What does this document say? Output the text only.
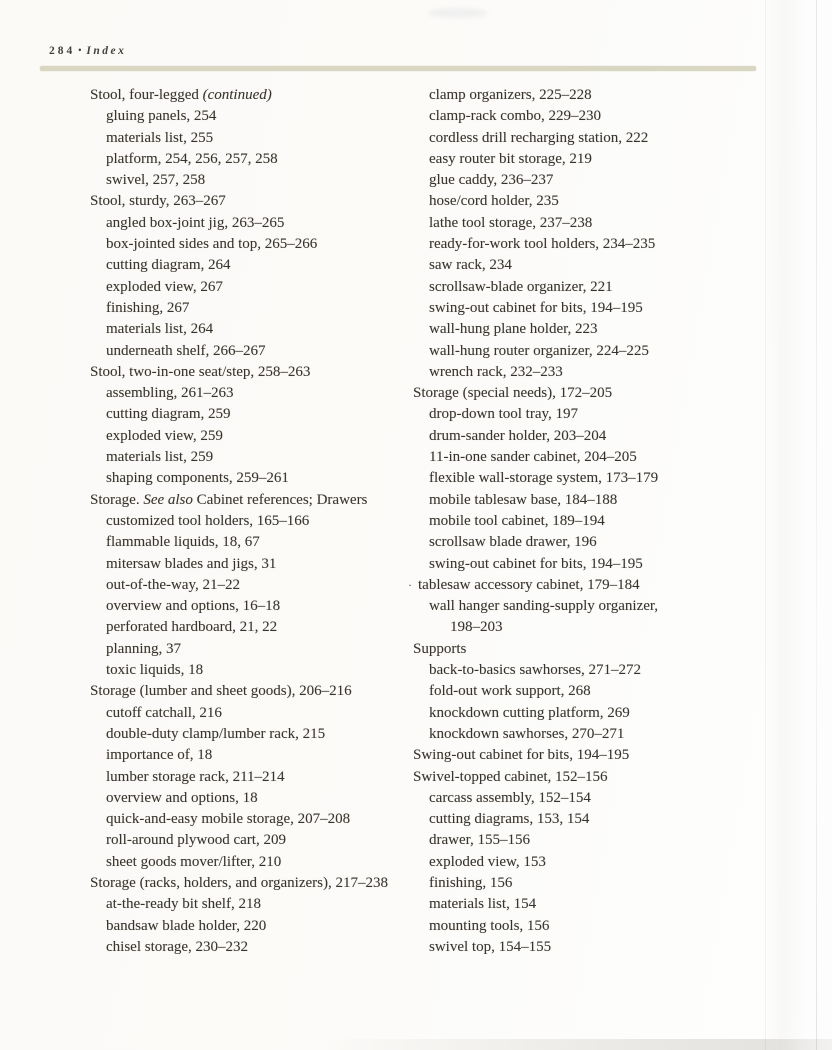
284 • Index
Stool, four-legged (continued)
gluing panels, 254
materials list, 255
platform, 254, 256, 257, 258
swivel, 257, 258
Stool, sturdy, 263–267
angled box-joint jig, 263–265
box-jointed sides and top, 265–266
cutting diagram, 264
exploded view, 267
finishing, 267
materials list, 264
underneath shelf, 266–267
Stool, two-in-one seat/step, 258–263
assembling, 261–263
cutting diagram, 259
exploded view, 259
materials list, 259
shaping components, 259–261
Storage. See also Cabinet references; Drawers
customized tool holders, 165–166
flammable liquids, 18, 67
mitersaw blades and jigs, 31
out-of-the-way, 21–22
overview and options, 16–18
perforated hardboard, 21, 22
planning, 37
toxic liquids, 18
Storage (lumber and sheet goods), 206–216
cutoff catchall, 216
double-duty clamp/lumber rack, 215
importance of, 18
lumber storage rack, 211–214
overview and options, 18
quick-and-easy mobile storage, 207–208
roll-around plywood cart, 209
sheet goods mover/lifter, 210
Storage (racks, holders, and organizers), 217–238
at-the-ready bit shelf, 218
bandsaw blade holder, 220
chisel storage, 230–232
clamp organizers, 225–228
clamp-rack combo, 229–230
cordless drill recharging station, 222
easy router bit storage, 219
glue caddy, 236–237
hose/cord holder, 235
lathe tool storage, 237–238
ready-for-work tool holders, 234–235
saw rack, 234
scrollsaw-blade organizer, 221
swing-out cabinet for bits, 194–195
wall-hung plane holder, 223
wall-hung router organizer, 224–225
wrench rack, 232–233
Storage (special needs), 172–205
drop-down tool tray, 197
drum-sander holder, 203–204
11-in-one sander cabinet, 204–205
flexible wall-storage system, 173–179
mobile tablesaw base, 184–188
mobile tool cabinet, 189–194
scrollsaw blade drawer, 196
swing-out cabinet for bits, 194–195
· tablesaw accessory cabinet, 179–184
wall hanger sanding-supply organizer,
198–203
Supports
back-to-basics sawhorses, 271–272
fold-out work support, 268
knockdown cutting platform, 269
knockdown sawhorses, 270–271
Swing-out cabinet for bits, 194–195
Swivel-topped cabinet, 152–156
carcass assembly, 152–154
cutting diagrams, 153, 154
drawer, 155–156
exploded view, 153
finishing, 156
materials list, 154
mounting tools, 156
swivel top, 154–155
